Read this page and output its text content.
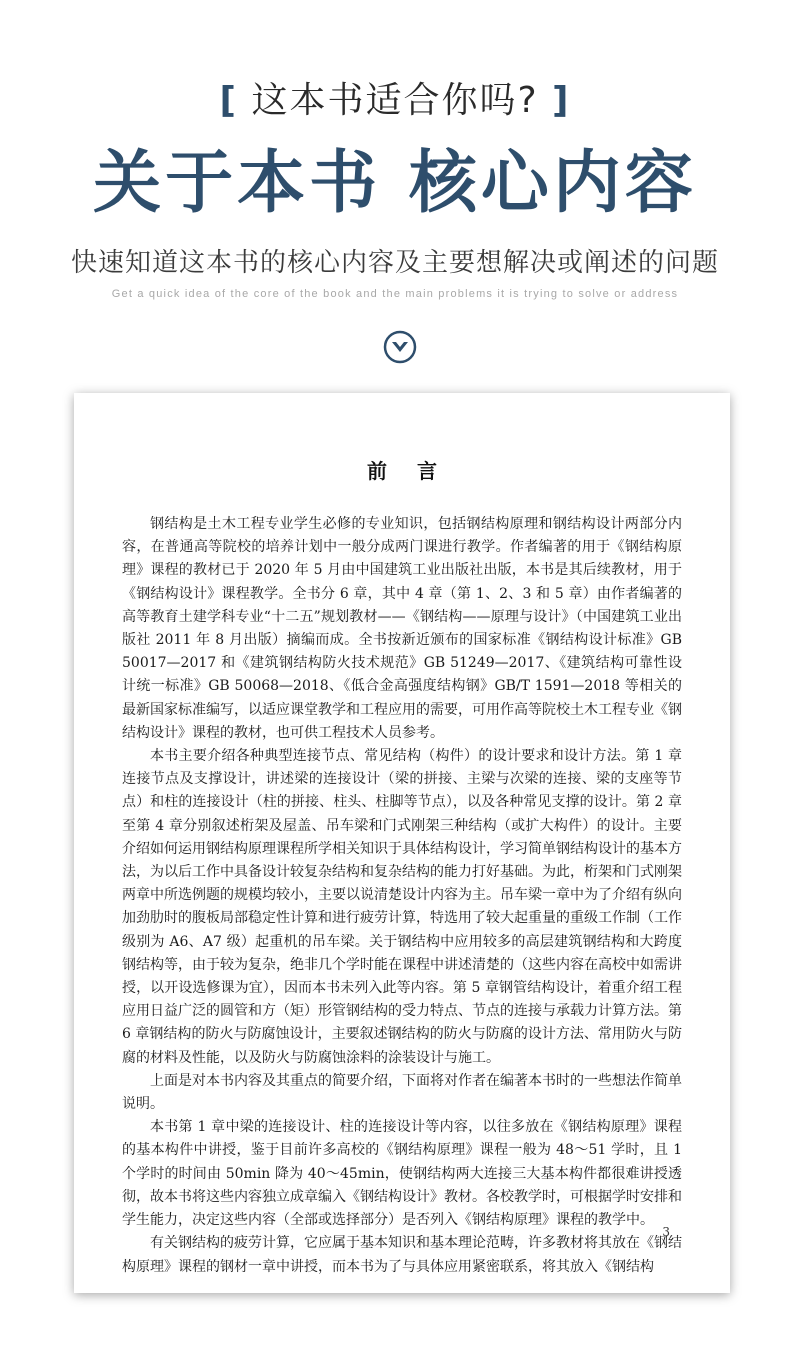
[ 这本书适合你吗? ]
关于本书 核心内容
快速知道这本书的核心内容及主要想解决或阐述的问题
Get a quick idea of the core of the book and the main problems it is trying to solve or address
前言

钢结构是土木工程专业学生必修的专业知识，包括钢结构原理和钢结构设计两部分内容，在普通高等院校的培养计划中一般分成两门课进行教学。作者编著的用于《钢结构原理》课程的教材已于 2020 年 5 月由中国建筑工业出版社出版，本书是其后续教材，用于《钢结构设计》课程教学。全书分 6 章，其中 4 章（第 1、2、3 和 5 章）由作者编著的高等教育土建学科专业“十二五”规划教材——《钢结构——原理与设计》（中国建筑工业出版社 2011 年 8 月出版）摘编而成。全书按新近颁布的国家标准《钢结构设计标准》GB 50017—2017 和《建筑钢结构防火技术规范》GB 51249—2017、《建筑结构可靠性设计统一标准》GB 50068—2018、《低合金高强度结构钢》GB/T 1591—2018 等相关的最新国家标准编写，以适应课堂教学和工程应用的需要，可用作高等院校土木工程专业《钢结构设计》课程的教材，也可供工程技术人员参考。

本书主要介绍各种典型连接节点、常见结构（构件）的设计要求和设计方法。第 1 章连接节点及支撑设计，讲述梁的连接设计（梁的拼接、主梁与次梁的连接、梁的支座等节点）和柱的连接设计（柱的拼接、柱头、柱脚等节点），以及各种常见支撑的设计。第 2 章至第 4 章分别叙述桁架及屋盖、吊车梁和门式刚架三种结构（或扩大构件）的设计。主要介绍如何运用钢结构原理课程所学相关知识于具体结构设计，学习简单钢结构设计的基本方法，为以后工作中具备设计较复杂结构和复杂结构的能力打好基础。为此，桁架和门式刚架两章中所选例题的规模均较小，主要以说清楚设计内容为主。吊车梁一章中为了介绍有纵向加劲肋时的腹板局部稳定性计算和进行疲劳计算，特选用了较大起重量的重级工作制（工作级别为 A6、A7 级）起重机的吊车梁。关于钢结构中应用较多的高层建筑钢结构和大跨度钢结构等，由于较为复杂，绝非几个学时能在课程中讲述清楚的（这些内容在高校中如需讲授，以开设选修课为宜），因而本书未列入此等内容。第 5 章钢管结构设计，着重介绍工程应用日益广泛的圆管和方（矩）形管钢结构的受力特点、节点的连接与承载力计算方法。第 6 章钢结构的防火与防腐蚀设计，主要叙述钢结构的防火与防腐的设计方法、常用防火与防腐的材料及性能，以及防火与防腐蚀涂料的涂装设计与施工。

上面是对本书内容及其重点的简要介绍，下面将对作者在编著本书时的一些想法作简单说明。

本书第 1 章中梁的连接设计、柱的连接设计等内容，以往多放在《钢结构原理》课程的基本构件中讲授，鉴于目前许多高校的《钢结构原理》课程一般为 48～51 学时，且 1 个学时的时间由 50min 降为 40～45min，使钢结构两大连接三大基本构件都很难讲授透彻，故本书将这些内容独立成章编入《钢结构设计》教材。各校教学时，可根据学时安排和学生能力，决定这些内容（全部或选择部分）是否列入《钢结构原理》课程的教学中。

有关钢结构的疲劳计算，它应属于基本知识和基本理论范畴，许多教材将其放在《钢结构原理》课程的钢材一章中讲授，而本书为了与具体应用紧密联系，将其放入《钢结构

3
